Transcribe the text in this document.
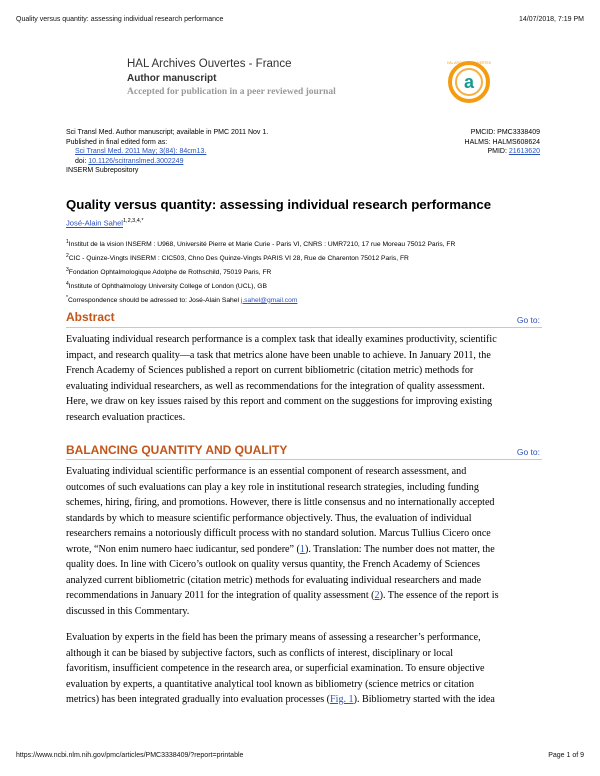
Quality versus quantity: assessing individual research performance	14/07/2018, 7:19 PM
HAL Archives Ouvertes - France
Author manuscript
Accepted for publication in a peer reviewed journal	a
HAL ARCHIVES OUVERTES
Sci Transl Med. Author manuscript; available in PMC 2011 Nov 1.
Published in final edited form as:
Sci Transl Med. 2011 May; 3(84): 84cm13.
doi: 10.1126/scitranslmed.3002249
INSERM Subrepository
PMCID: PMC3338409
HALMS: HALMS608624
PMID: 21613620
Quality versus quantity: assessing individual research performance
José-Alain Sahel$^{1,2,3,4,*}$
$^1$Institut de la vision INSERM : U968, Université Pierre et Marie Curie - Paris VI, CNRS : UMR7210, 17 rue Moreau 75012 Paris, FR
$^2$CIC - Quinze-Vingts INSERM : CIC503, Chno Des Quinze-Vingts PARIS VI 28, Rue de Charenton 75012 Paris, FR
$^3$Fondation Ophtalmologique Adolphe de Rothschild, 75019 Paris, FR
$^4$Institute of Ophthalmology University College of London (UCL), GB
*Correspondence should be adressed to: José-Alain Sahel j.sahel@gmail.com
Abstract	Go to:
Evaluating individual research performance is a complex task that ideally examines productivity, scientific
impact, and research quality—a task that metrics alone have been unable to achieve. In January 2011, the
French Academy of Sciences published a report on current bibliometric (citation metric) methods for
evaluating individual researchers, as well as recommendations for the integration of quality assessment.
Here, we draw on key issues raised by this report and comment on the suggestions for improving existing
research evaluation practices.
BALANCING QUANTITY AND QUALITY	Go to:
Evaluating individual scientific performance is an essential component of research assessment, and
outcomes of such evaluations can play a key role in institutional research strategies, including funding
schemes, hiring, firing, and promotions. However, there is little consensus and no internationally accepted
standards by which to measure scientific performance objectively. Thus, the evaluation of individual
researchers remains a notoriously difficult process with no standard solution. Marcus Tullius Cicero once
wrote, “Non enim numero haec iudicantur, sed pondere” (1). Translation: The number does not matter, the
quality does. In line with Cicero’s outlook on quality versus quantity, the French Academy of Sciences
analyzed current bibliometric (citation metric) methods for evaluating individual researchers and made
recommendations in January 2011 for the integration of quality assessment (2). The essence of the report is
discussed in this Commentary.
Evaluation by experts in the field has been the primary means of assessing a researcher’s performance,
although it can be biased by subjective factors, such as conflicts of interest, disciplinary or local
favoritism, insufficient competence in the research area, or superficial examination. To ensure objective
evaluation by experts, a quantitative analytical tool known as bibliometry (science metrics or citation
metrics) has been integrated gradually into evaluation processes (Fig. 1). Bibliometry started with the idea
https://www.ncbi.nlm.nih.gov/pmc/articles/PMC3338409/?report=printable	Page 1 of 9
